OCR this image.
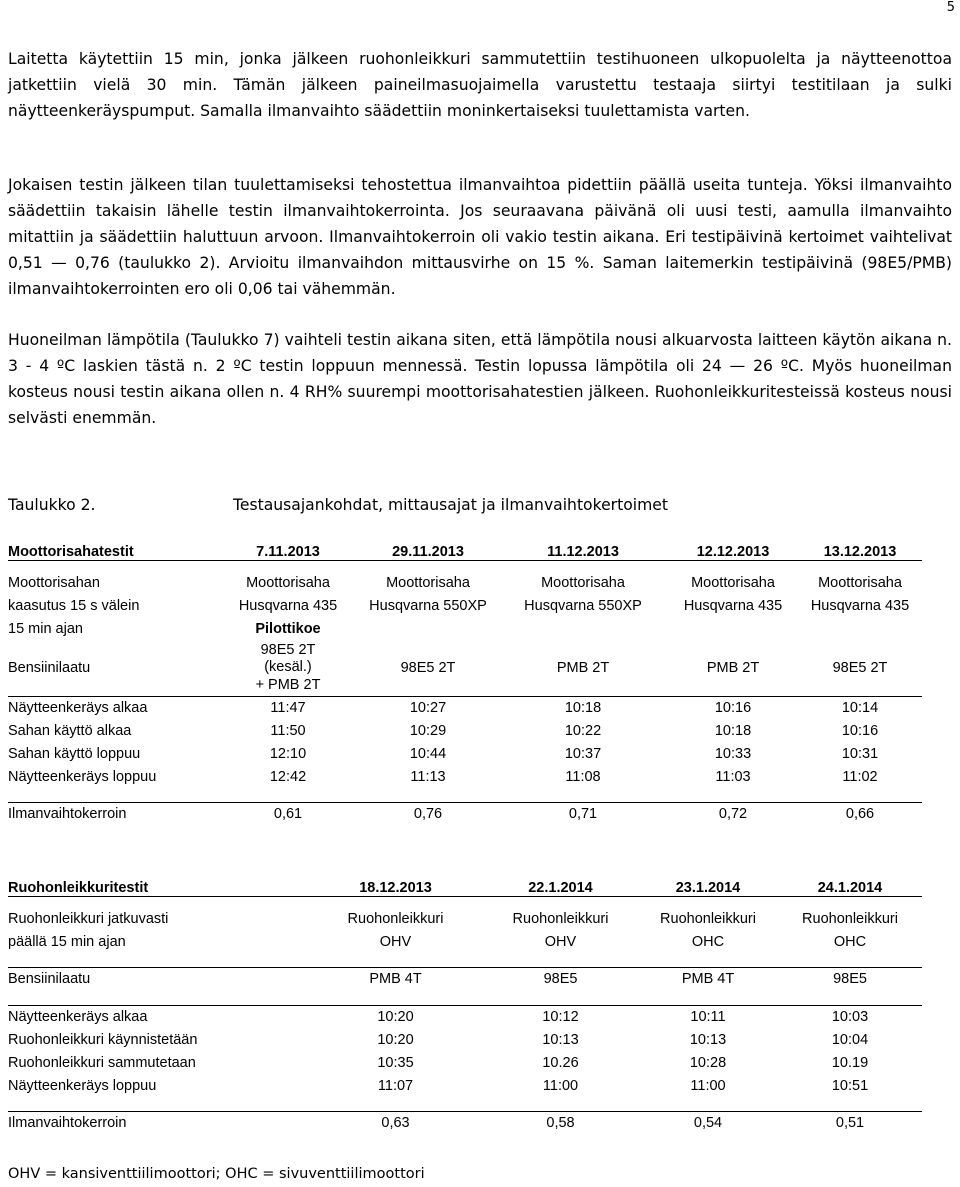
5

Laitetta käytettiin 15 min, jonka jälkeen ruohonleikkuri sammutettiin testihuoneen ulkopuolelta ja näytteenottoa jatkettiin vielä 30 min. Tämän jälkeen paineilmasuojaimella varustettu testaaja siirtyi testitilaan ja sulki näytteenkeräyspumput. Samalla ilmanvaihto säädettiin moninkertaiseksi tuulettamista varten.

Jokaisen testin jälkeen tilan tuulettamiseksi tehostettua ilmanvaihtoa pidettiin päällä useita tunteja. Yöksi ilmanvaihto säädettiin takaisin lähelle testin ilmanvaihtokerrointa. Jos seuraavana päivänä oli uusi testi, aamulla ilmanvaihto mitattiin ja säädettiin haluttuun arvoon. Ilmanvaihtokerroin oli vakio testin aikana. Eri testipäivinä kertoimet vaihtelivat 0,51 — 0,76 (taulukko 2). Arvioitu ilmanvaihdon mittausvirhe on 15 %. Saman laitemerkin testipäivinä (98E5/PMB) ilmanvaihtokerrointen ero oli 0,06 tai vähemmän.

Huoneilman lämpötila (Taulukko 7) vaihteli testin aikana siten, että lämpötila nousi alkuarvosta laitteen käytön aikana n. 3 - 4 ºC laskien tästä n. 2 ºC testin loppuun mennessä. Testin lopussa lämpötila oli 24 — 26 ºC. Myös huoneilman kosteus nousi testin aikana ollen n. 4 RH% suurempi moottorisahatestien jälkeen. Ruohonleikkuritesteissä kosteus nousi selvästi enemmän.

Taulukko 2.	Testausajankohdat, mittausajat ja ilmanvaihtokertoimet
Moottorisahatestit	7.11.2013	29.11.2013	11.12.2013	12.12.2013	13.12.2013

Moottorisahan	Moottorisaha	Moottorisaha	Moottorisaha	Moottorisaha	Moottorisaha
kaasutus 15 s välein	Husqvarna 435	Husqvarna 550XP	Husqvarna 550XP	Husqvarna 435	Husqvarna 435
15 min ajan	Pilottikoe				
Bensiinilaatu	98E5 2T
(kesäl.)
+ PMB 2T	98E5 2T	PMB 2T	PMB 2T	98E5 2T
Näytteenkeräys alkaa	11:47	10:27	10:18	10:16	10:14
Sahan käyttö alkaa	11:50	10:29	10:22	10:18	10:16
Sahan käyttö loppuu	12:10	10:44	10:37	10:33	10:31
Näytteenkeräys loppuu	12:42	11:13	11:08	11:03	11:02

Ilmanvaihtokerroin	0,61	0,76	0,71	0,72	0,66
Ruohonleikkuritestit	18.12.2013	22.1.2014	23.1.2014	24.1.2014

Ruohonleikkuri jatkuvasti	Ruohonleikkuri	Ruohonleikkuri	Ruohonleikkuri	Ruohonleikkuri
päällä 15 min ajan	OHV	OHV	OHC	OHC

Bensiinilaatu	PMB 4T	98E5	PMB 4T	98E5

Näytteenkeräys alkaa	10:20	10:12	10:11	10:03
Ruohonleikkuri käynnistetään	10:20	10:13	10:13	10:04
Ruohonleikkuri sammutetaan	10:35	10.26	10:28	10.19
Näytteenkeräys loppuu	11:07	11:00	11:00	10:51

Ilmanvaihtokerroin	0,63	0,58	0,54	0,51
OHV = kansiventtiilimoottori; OHC = sivuventtiilimoottori
